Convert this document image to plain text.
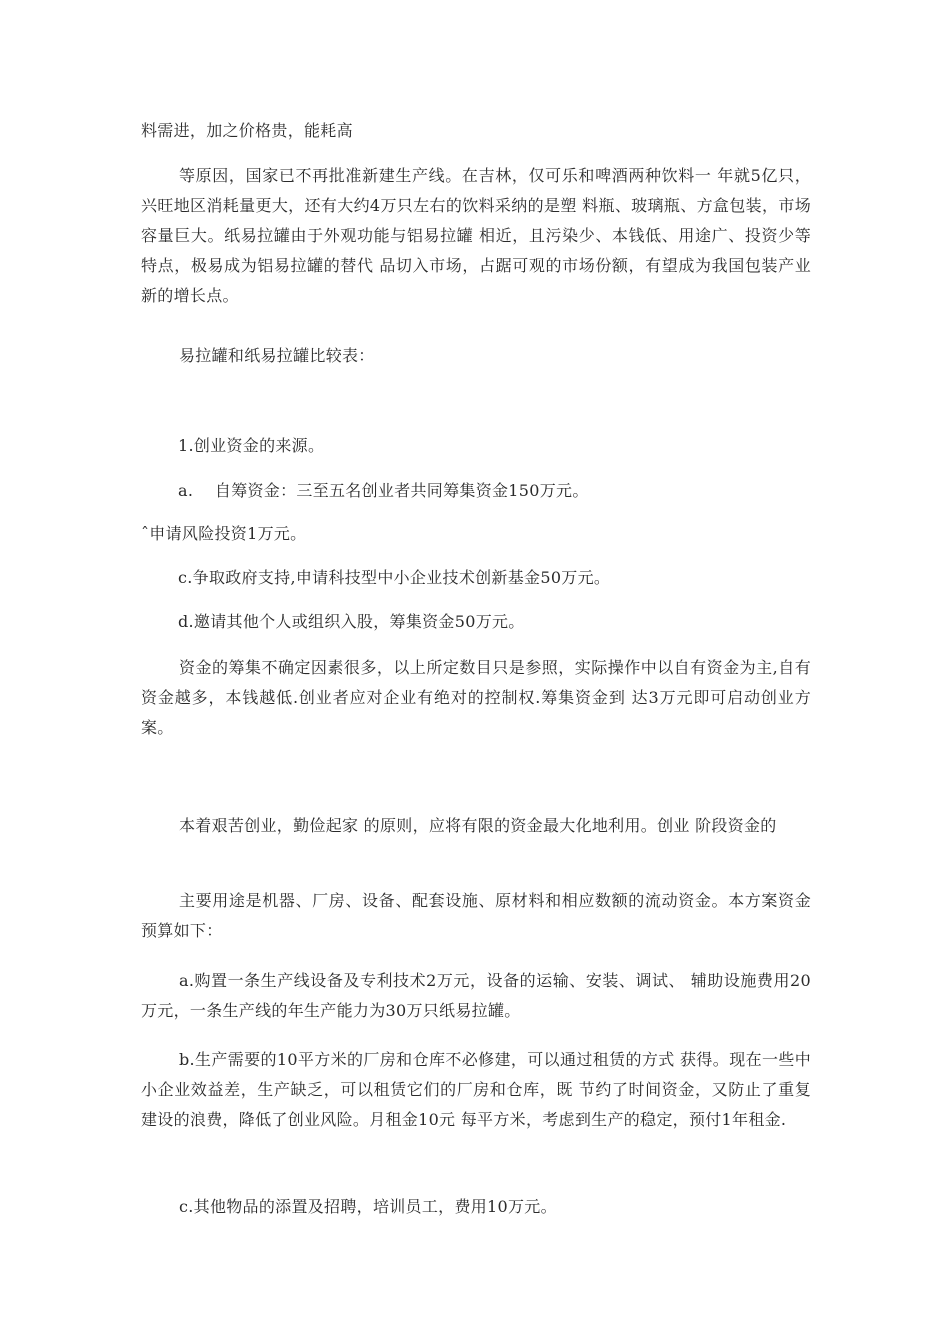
料需进，加之价格贵，能耗高

等原因，国家已不再批准新建生产线。在吉林，仅可乐和啤酒两种饮料一 年就5亿只，兴旺地区消耗量更大，还有大约4万只左右的饮料采纳的是塑 料瓶、玻璃瓶、方盒包装，市场容量巨大。纸易拉罐由于外观功能与铝易拉罐 相近，且污染少、本钱低、用途广、投资少等特点，极易成为铝易拉罐的替代 品切入市场，占踞可观的市场份额，有望成为我国包装产业新的增长点。

易拉罐和纸易拉罐比较表：

1.创业资金的来源。

a.　 自筹资金：三至五名创业者共同筹集资金150万元。

ˆ申请风险投资1万元。

c.争取政府支持,申请科技型中小企业技术创新基金50万元。

d.邀请其他个人或组织入股，筹集资金50万元。

资金的筹集不确定因素很多，以上所定数目只是参照，实际操作中以自有资金为主,自有资金越多，本钱越低.创业者应对企业有绝对的控制权.筹集资金到 达3万元即可启动创业方案。

本着艰苦创业，勤俭起家 的原则，应将有限的资金最大化地利用。创业 阶段资金的

主要用途是机器、厂房、设备、配套设施、原材料和相应数额的流动资金。本方案资金预算如下：

a.购置一条生产线设备及专利技术2万元，设备的运输、安装、调试、 辅助设施费用20万元，一条生产线的年生产能力为30万只纸易拉罐。

b.生产需要的10平方米的厂房和仓库不必修建，可以通过租赁的方式 获得。现在一些中小企业效益差，生产缺乏，可以租赁它们的厂房和仓库，既 节约了时间资金，又防止了重复建设的浪费，降低了创业风险。月租金10元 每平方米，考虑到生产的稳定，预付1年租金.

c.其他物品的添置及招聘，培训员工，费用10万元。
